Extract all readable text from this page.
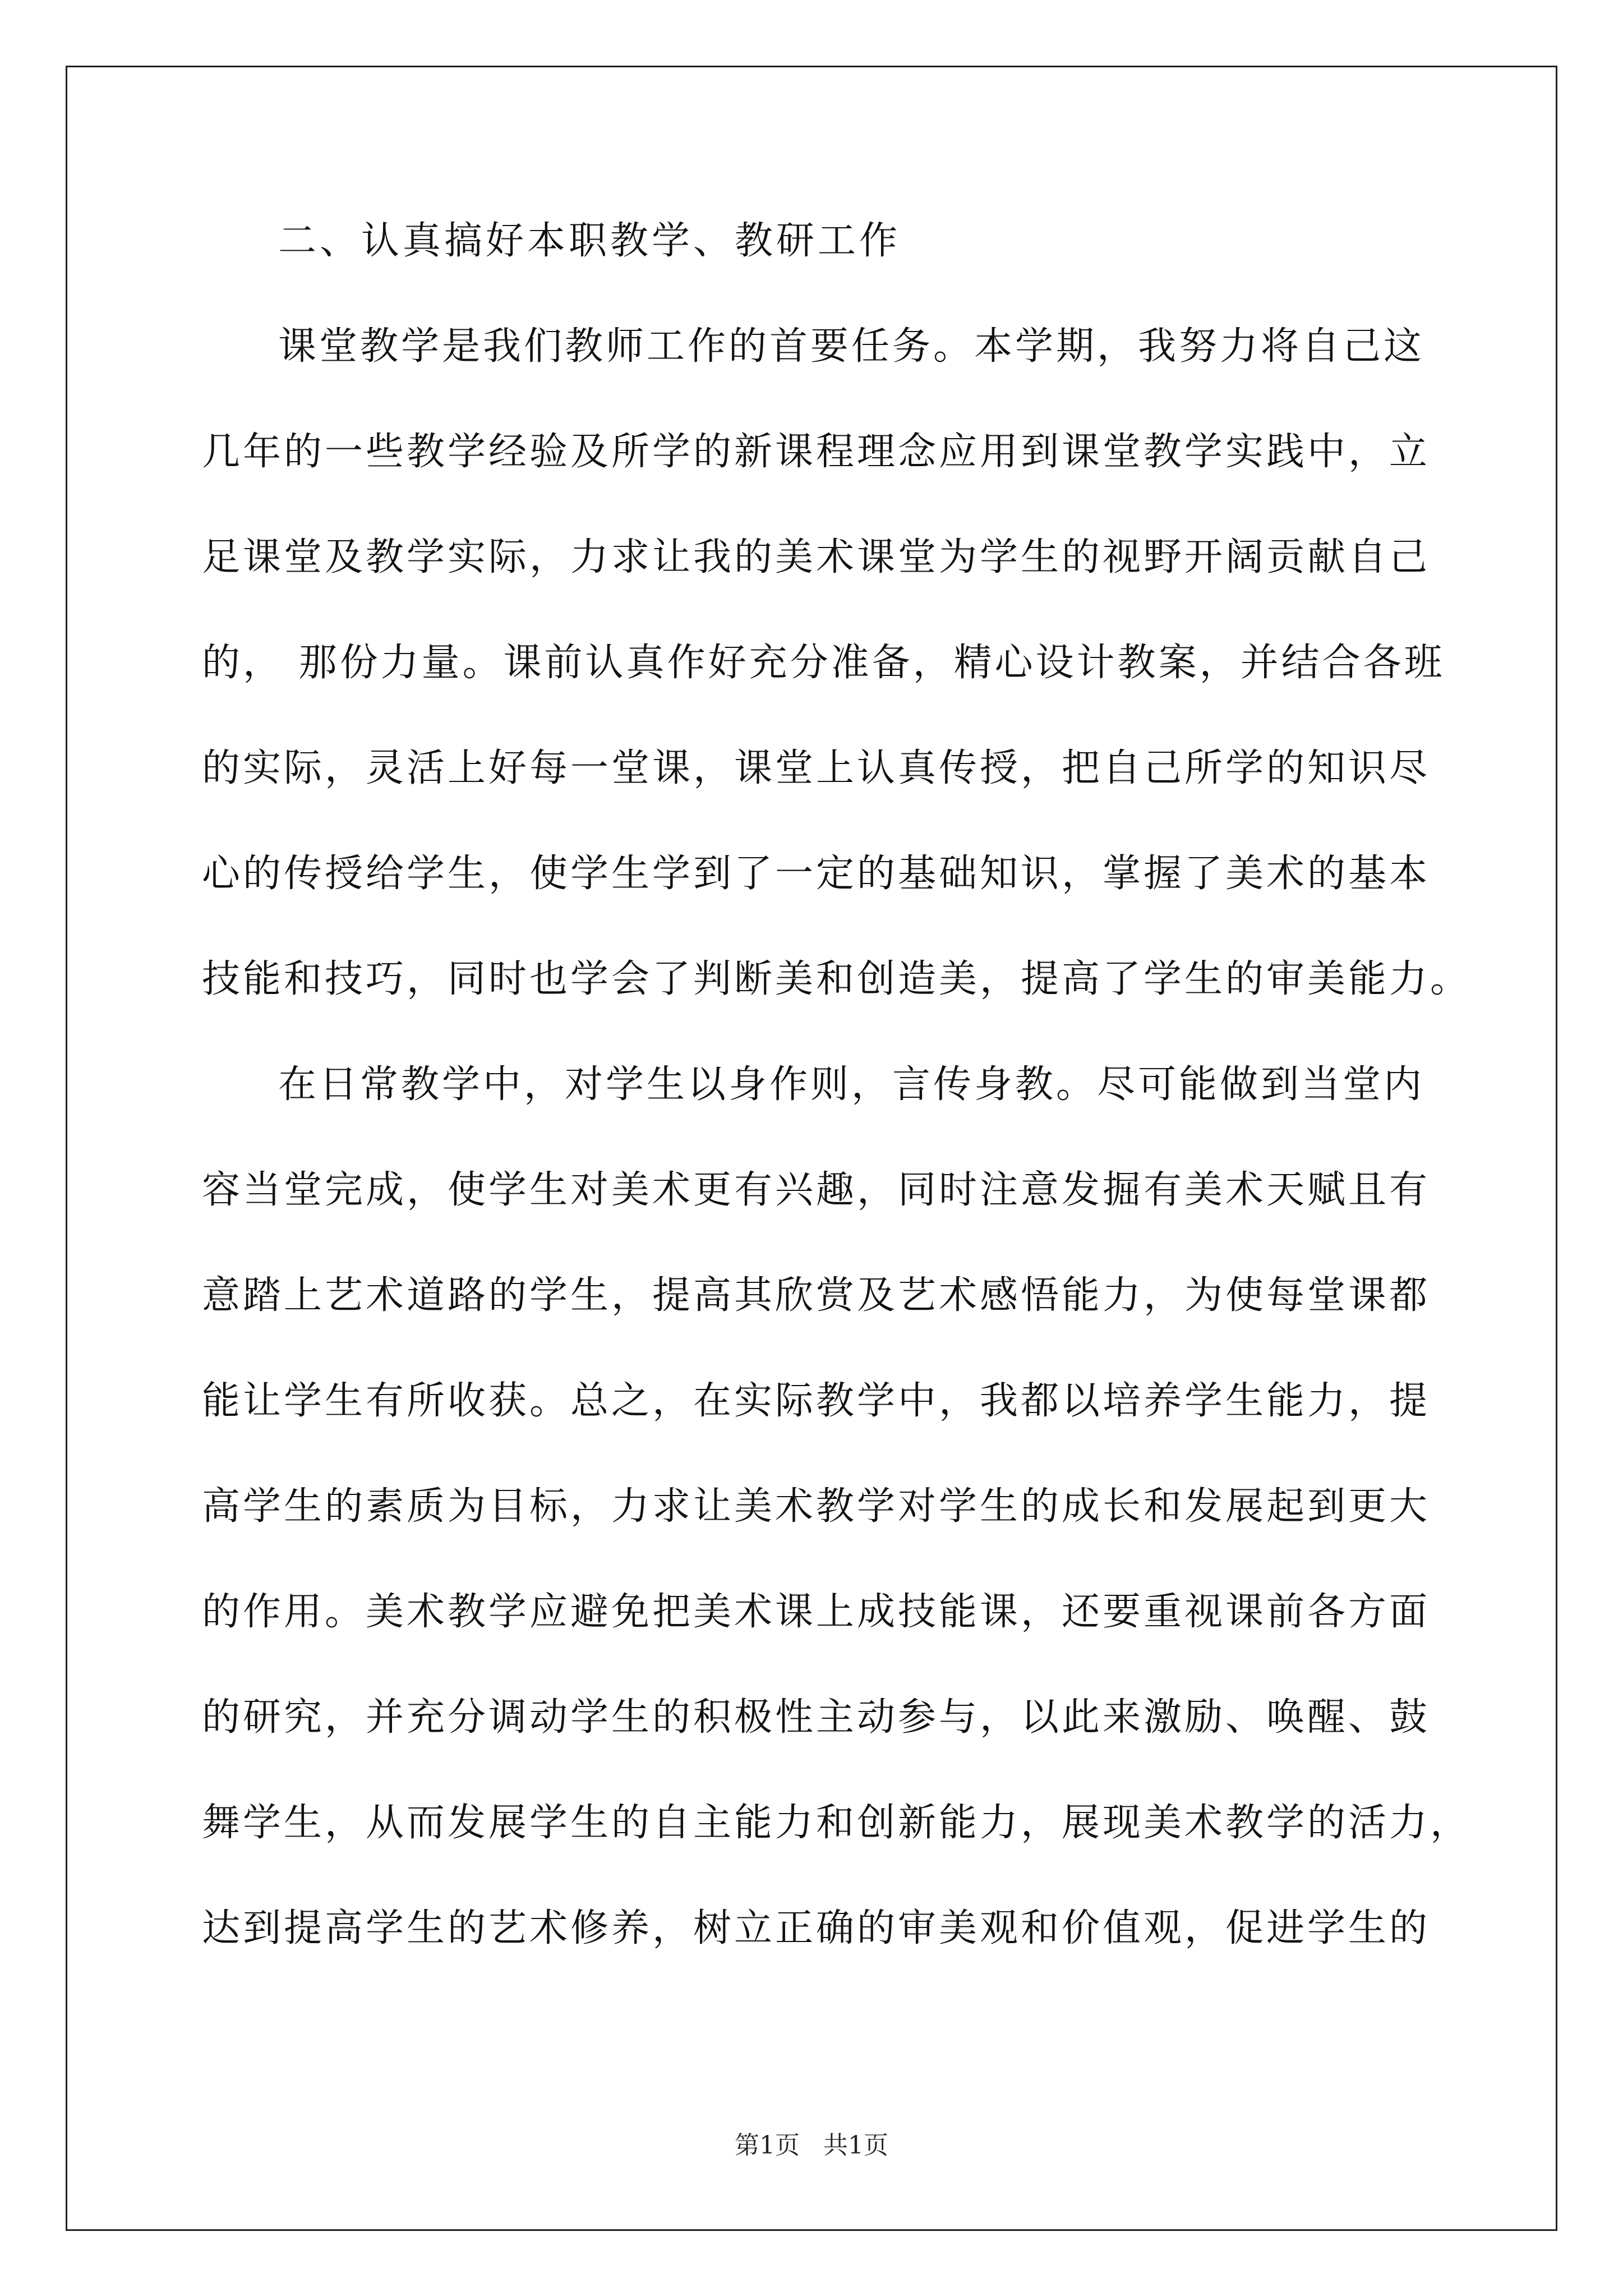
二、认真搞好本职教学、教研工作

课堂教学是我们教师工作的首要任务。本学期，我努力将自己这

几年的一些教学经验及所学的新课程理念应用到课堂教学实践中，立

足课堂及教学实际，力求让我的美术课堂为学生的视野开阔贡献自己

的， 那份力量。课前认真作好充分准备，精心设计教案，并结合各班

的实际，灵活上好每一堂课，课堂上认真传授，把自己所学的知识尽

心的传授给学生，使学生学到了一定的基础知识，掌握了美术的基本

技能和技巧，同时也学会了判断美和创造美，提高了学生的审美能力。

在日常教学中，对学生以身作则，言传身教。尽可能做到当堂内

容当堂完成，使学生对美术更有兴趣，同时注意发掘有美术天赋且有

意踏上艺术道路的学生，提高其欣赏及艺术感悟能力，为使每堂课都

能让学生有所收获。总之，在实际教学中，我都以培养学生能力，提

高学生的素质为目标，力求让美术教学对学生的成长和发展起到更大

的作用。美术教学应避免把美术课上成技能课，还要重视课前各方面

的研究，并充分调动学生的积极性主动参与，以此来激励、唤醒、鼓

舞学生，从而发展学生的自主能力和创新能力，展现美术教学的活力，

达到提高学生的艺术修养，树立正确的审美观和价值观，促进学生的

第1页   共1页
